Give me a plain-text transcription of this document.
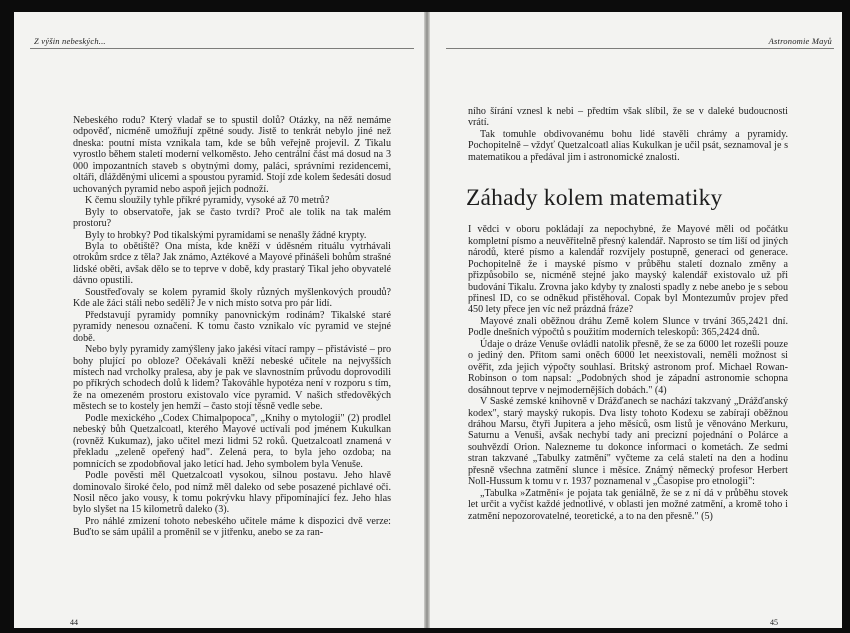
Z výšin nebeských...

Nebeského rodu? Který vladař se to spustil dolů? Otázky, na něž nemáme odpověď, nicméně umožňují zpětné soudy. Jistě to tenkrát nebylo jiné než dneska: poutní místa vznikala tam, kde se bůh veřejně projevil. Z Tikalu vyrostlo během staletí moderní velkoměsto. Jeho centrální část má dosud na 3 000 impozantních staveb s obytnými domy, paláci, správními rezidencemi, oltáři, dlážděnými ulicemi a spoustou pyramid. Stojí zde kolem šedesáti dosud uchovaných pyramid nebo aspoň jejich podnoží.

K čemu sloužily tyhle příkré pyramidy, vysoké až 70 metrů?

Byly to observatoře, jak se často tvrdí? Proč ale tolik na tak malém prostoru?

Byly to hrobky? Pod tikalskými pyramidami se nenašly žádné krypty.

Byla to obětiště? Ona místa, kde kněží v úděsném rituálu vytrhávali otrokům srdce z těla? Jak známo, Aztékové a Mayové přinášeli bohům strašné lidské oběti, avšak dělo se to teprve v době, kdy prastarý Tikal jeho obyvatelé dávno opustili.

Soustřeďovaly se kolem pyramid školy různých myšlenkových proudů? Kde ale žáci stáli nebo seděli? Je v nich místo sotva pro pár lidí.

Představují pyramidy pomníky panovnickým rodinám? Tikalské staré pyramidy nenesou označení. K tomu často vznikalo víc pyramid ve stejné době.

Nebo byly pyramidy zamýšleny jako jakési vítací rampy – přistávisté – pro bohy plující po obloze? Očekávali kněží nebeské učitele na nejvyšších místech nad vrcholky pralesa, aby je pak ve slavnostním průvodu doprovodili po příkrých schodech dolů k lidem? Takováhle hypotéza není v rozporu s tím, že na omezeném prostoru existovalo více pyramid. V našich středověkých městech se to kostely jen hemží – často stojí těsně vedle sebe.

Podle mexického „Codex Chimalpopoca", „Knihy o mytologii" (2) prodlel nebeský bůh Quetzalcoatl, kterého Mayové uctívali pod jménem Kukulkan (rovněž Kukumaz), jako učitel mezi lidmi 52 roků. Quetzalcoatl znamená v překladu „zeleně opeřený had". Zelená pera, to byla jeho ozdoba; na pomnících se zpodobňoval jako letící had. Jeho symbolem byla Venuše.

Podle pověsti měl Quetzalcoatl vysokou, silnou postavu. Jeho hlavě dominovalo široké čelo, pod nímž měl daleko od sebe posazené pichlavé oči. Nosil něco jako vousy, k tomu pokrývku hlavy připomínající fez. Jeho hlas bylo slyšet na 15 kilometrů daleko (3).

Pro náhlé zmizení tohoto nebeského učitele máme k dispozici dvě verze: Buďto se sám upálil a proměnil se v jitřenku, anebo se za ran-

44
Astronomie Mayů

ního šírání vznesl k nebi – předtím však slíbil, že se v daleké budoucnosti vrátí.

Tak tomuhle obdivovanému bohu lidé stavěli chrámy a pyramidy. Pochopitelně – vždyť Quetzalcoatl alias Kukulkan je učil psát, seznamoval je s matematikou a předával jim i astronomické znalosti.

Záhady kolem matematiky

I vědci v oboru pokládají za nepochybné, že Mayové měli od počátku kompletní písmo a neuvěřitelně přesný kalendář. Naprosto se tím liší od jiných národů, které písmo a kalendář rozvíjely postupně, generaci od generace. Pochopitelně že i mayské písmo v průběhu staletí doznalo změny a přizpůsobilo se, nicméně stejné jako mayský kalendář existovalo už při budování Tikalu. Zrovna jako kdyby ty znalosti spadly z nebe anebo je s sebou přinesl ID, co se odněkud přistěhoval. Copak byl Montezumův projev před 450 lety přece jen víc než prázdná fráze?

Mayové znali oběžnou dráhu Země kolem Slunce v trvání 365,2421 dní. Podle dnešních výpočtů s použitím moderních teleskopů: 365,2424 dnů.

Údaje o dráze Venuše ovládli natolik přesně, že se za 6000 let rozešli pouze o jediný den. Přitom sami oněch 6000 let neexistovali, neměli možnost si ověřit, zda jejich výpočty souhlasí. Britský astronom prof. Michael Rowan-Robinson o tom napsal: „Podobných shod je západní astronomie schopna dosáhnout teprve v nejmodernějších dobách." (4)

V Saské zemské knihovně v Drážďanech se nachází takzvaný „Drážďanský kodex", starý mayský rukopis. Dva listy tohoto Kodexu se zabírají oběžnou dráhou Marsu, čtyři Jupitera a jeho měsíců, osm listů je věnováno Merkuru, Saturnu a Venuši, avšak nechybí tady ani precizní pojednání o Polárce a souhvězdí Orion. Nalezneme tu dokonce informaci o kometách. Ze sedmi stran takzvané „Tabulky zatmění" vyčteme za celá staletí na den a hodinu přesně všechna zatmění slunce i měsíce. Známý německý profesor Herbert Noll-Hussum k tomu v r. 1937 poznamenal v „Časopise pro etnologii":

„Tabulka »Zatmění« je pojata tak geniálně, že se z ní dá v průběhu stovek let určit a vyčíst každé jednotlivé, v oblasti jen možné zatmění, a kromě toho i zatmění nepozorovatelné, teoretické, a to na den přesně." (5)

45
